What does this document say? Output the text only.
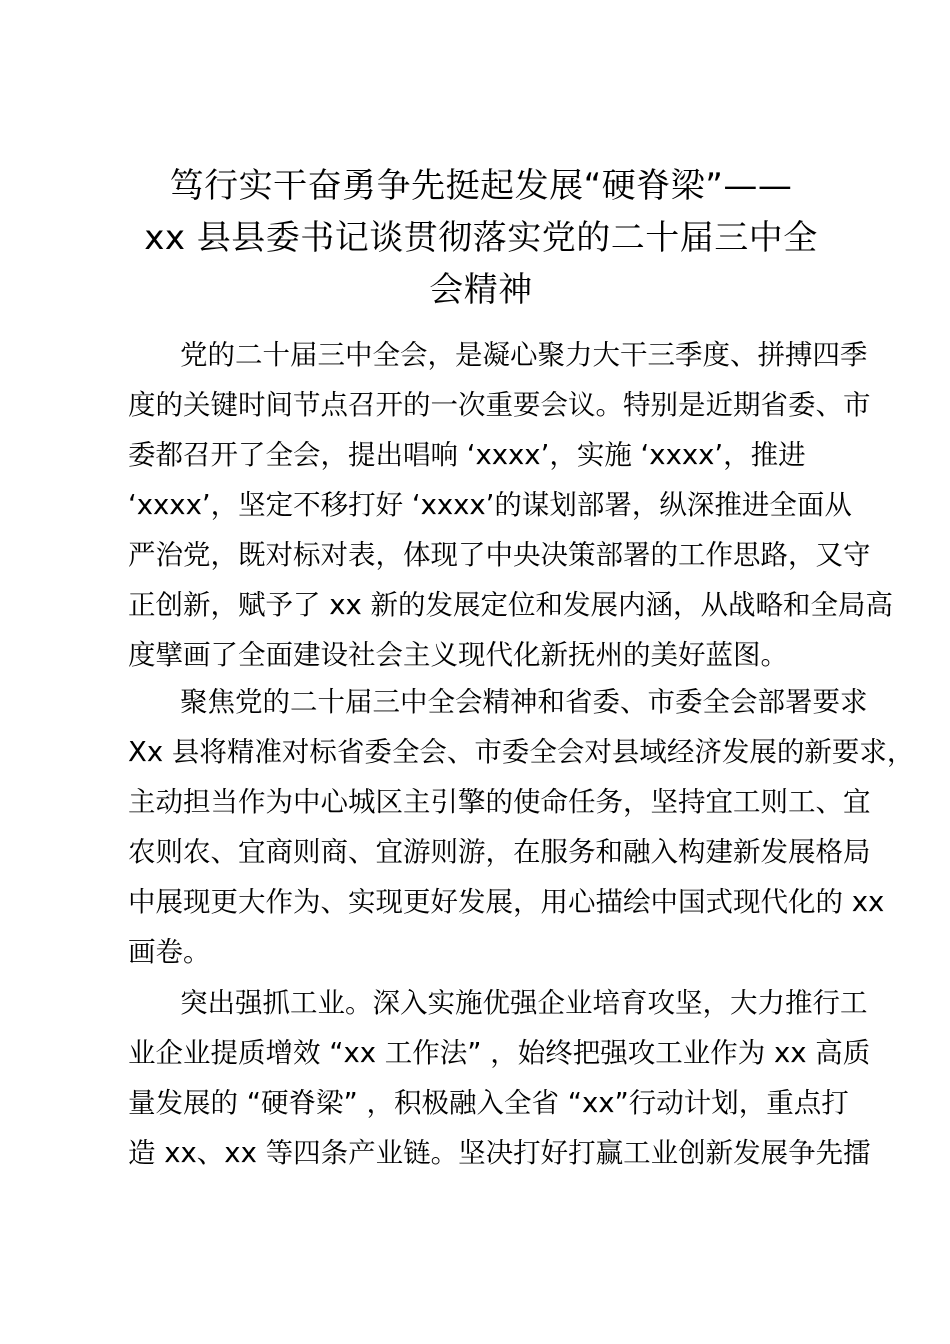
笃行实干奋勇争先挺起发展“硬脊梁”——
xx 县县委书记谈贯彻落实党的二十届三中全
会精神
党的二十届三中全会，是凝心聚力大干三季度、拼搏四季
度的关键时间节点召开的一次重要会议。特别是近期省委、市
委都召开了全会，提出唱响 ‘xxxx’，实施 ‘xxxx’，推进
‘xxxx’，坚定不移打好 ‘xxxx’的谋划部署，纵深推进全面从
严治党，既对标对表，体现了中央决策部署的工作思路，又守
正创新，赋予了 xx 新的发展定位和发展内涵，从战略和全局高
度擘画了全面建设社会主义现代化新抚州的美好蓝图。
聚焦党的二十届三中全会精神和省委、市委全会部署要求
Xx 县将精准对标省委全会、市委全会对县域经济发展的新要求，
主动担当作为中心城区主引擎的使命任务，坚持宜工则工、宜
农则农、宜商则商、宜游则游，在服务和融入构建新发展格局
中展现更大作为、实现更好发展，用心描绘中国式现代化的 xx
画卷。
突出强抓工业。深入实施优强企业培育攻坚，大力推行工
业企业提质增效 “xx 工作法” ，始终把强攻工业作为 xx 高质
量发展的 “硬脊梁” ，积极融入全省 “xx”行动计划，重点打
造 xx、xx 等四条产业链。坚决打好打赢工业创新发展争先擂
